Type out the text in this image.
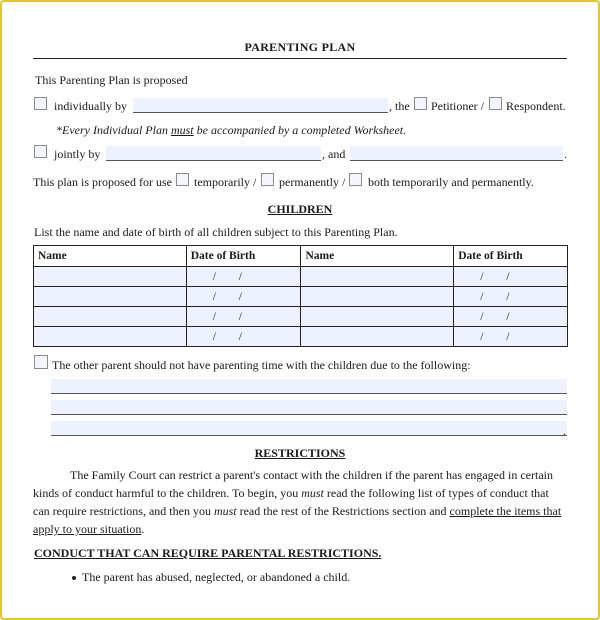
PARENTING PLAN
This Parenting Plan is proposed
individually by	, the Petitioner / Respondent.
*Every Individual Plan must be accompanied by a completed Worksheet.
jointly by	, and	.
This plan is proposed for use temporarily / permanently / both temporarily and permanently.
CHILDREN
List the name and date of birth of all children subject to this Parenting Plan.
Name	Date of Birth	Name	Date of Birth
	/ /		/ /
	/ /		/ /
	/ /		/ /
	/ /		/ /
The other parent should not have parenting time with the children due to the following:
.
RESTRICTIONS
The Family Court can restrict a parent's contact with the children if the parent has engaged in certain
kinds of conduct harmful to the children. To begin, you must read the following list of types of conduct that
can require restrictions, and then you must read the rest of the Restrictions section and complete the items that
apply to your situation.
CONDUCT THAT CAN REQUIRE PARENTAL RESTRICTIONS.
The parent has abused, neglected, or abandoned a child.
